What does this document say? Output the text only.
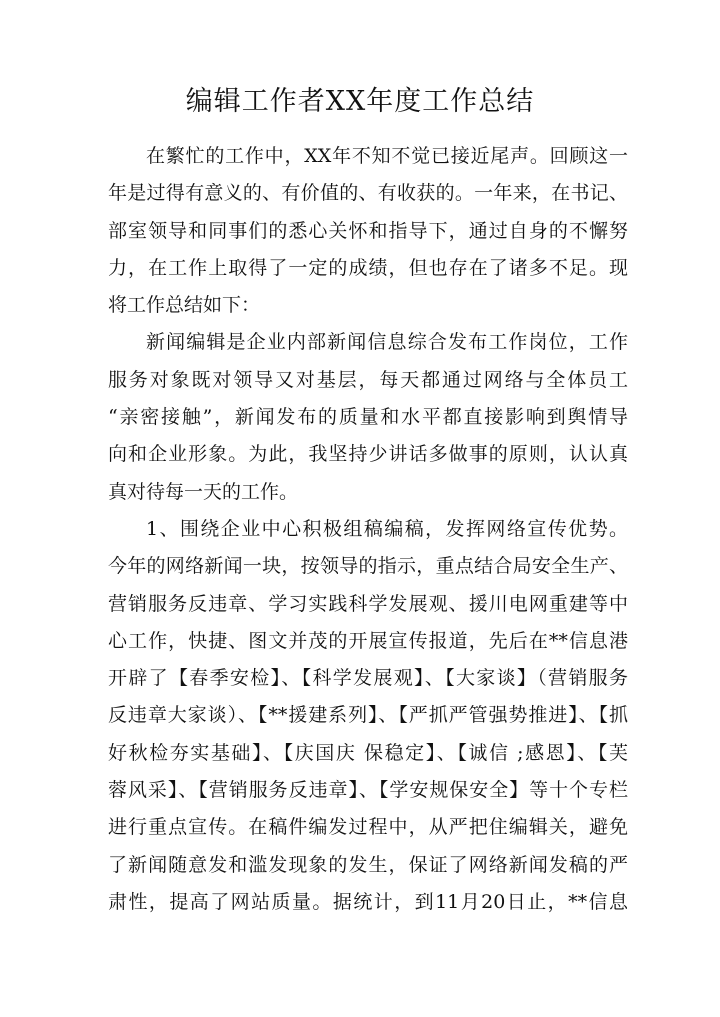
编辑工作者XX年度工作总结
在繁忙的工作中，XX年不知不觉已接近尾声。回顾这一
年是过得有意义的、有价值的、有收获的。一年来，在书记、
部室领导和同事们的悉心关怀和指导下，通过自身的不懈努
力，在工作上取得了一定的成绩，但也存在了诸多不足。现
将工作总结如下：
新闻编辑是企业内部新闻信息综合发布工作岗位，工作
服务对象既对领导又对基层，每天都通过网络与全体员工
“亲密接触”，新闻发布的质量和水平都直接影响到舆情导
向和企业形象。为此，我坚持少讲话多做事的原则，认认真
真对待每一天的工作。
1、围绕企业中心积极组稿编稿，发挥网络宣传优势。
今年的网络新闻一块，按领导的指示，重点结合局安全生产、
营销服务反违章、学习实践科学发展观、援川电网重建等中
心工作，快捷、图文并茂的开展宣传报道，先后在**信息港
开辟了【春季安检】、【科学发展观】、【大家谈】（营销服务
反违章大家谈）、【**援建系列】、【严抓严管强势推进】、【抓
好秋检夯实基础】、【庆国庆 保稳定】、【诚信 ;感恩】、【芙
蓉风采】、【营销服务反违章】、【学安规保安全】等十个专栏
进行重点宣传。在稿件编发过程中，从严把住编辑关，避免
了新闻随意发和滥发现象的发生，保证了网络新闻发稿的严
肃性，提高了网站质量。据统计，到11月20日止，**信息
